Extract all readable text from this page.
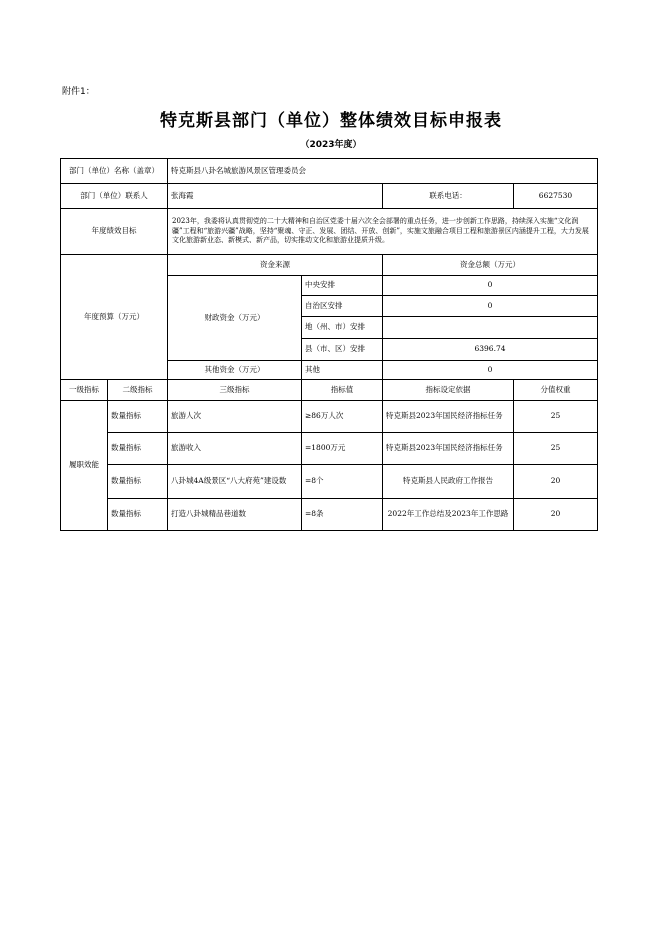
附件1：
特克斯县部门（单位）整体绩效目标申报表
（2023年度）
部门（单位）名称（盖章）		特克斯县八卦名城旅游风景区管理委员会			
部门（单位）联系人		张海霞		联系电话：	6627530
年度绩效目标		2023年，我委将认真贯彻党的二十大精神和自治区党委十届六次全会部署的重点任务，进一步创新工作思路，持续深入实施“文化润疆”工程和“旅游兴疆”战略，坚持“聚魂、守正、发展、团结、开放、创新”，实施文旅融合项目工程和旅游景区内涵提升工程，大力发展文化旅游新业态、新模式、新产品，切实推动文化和旅游业提质升级。			
年度预算（万元）		资金来源		资金总额（万元）	
		财政资金（万元）	中央安排	0	
			自治区安排	0	
			地（州、市）安排		
			县（市、区）安排	6396.74	
		其他资金（万元）	其他	0	

一级指标	二级指标	三级指标	指标值	指标设定依据	分值权重
履职效能	数量指标	旅游人次	≥86万人次	特克斯县2023年国民经济指标任务	25
	数量指标	旅游收入	=1800万元	特克斯县2023年国民经济指标任务	25
	数量指标	八卦城4A级景区“八大府苑”建设数	=8个	特克斯县人民政府工作报告	20
	数量指标	打造八卦城精品巷道数	=8条	2022年工作总结及2023年工作思路	20
